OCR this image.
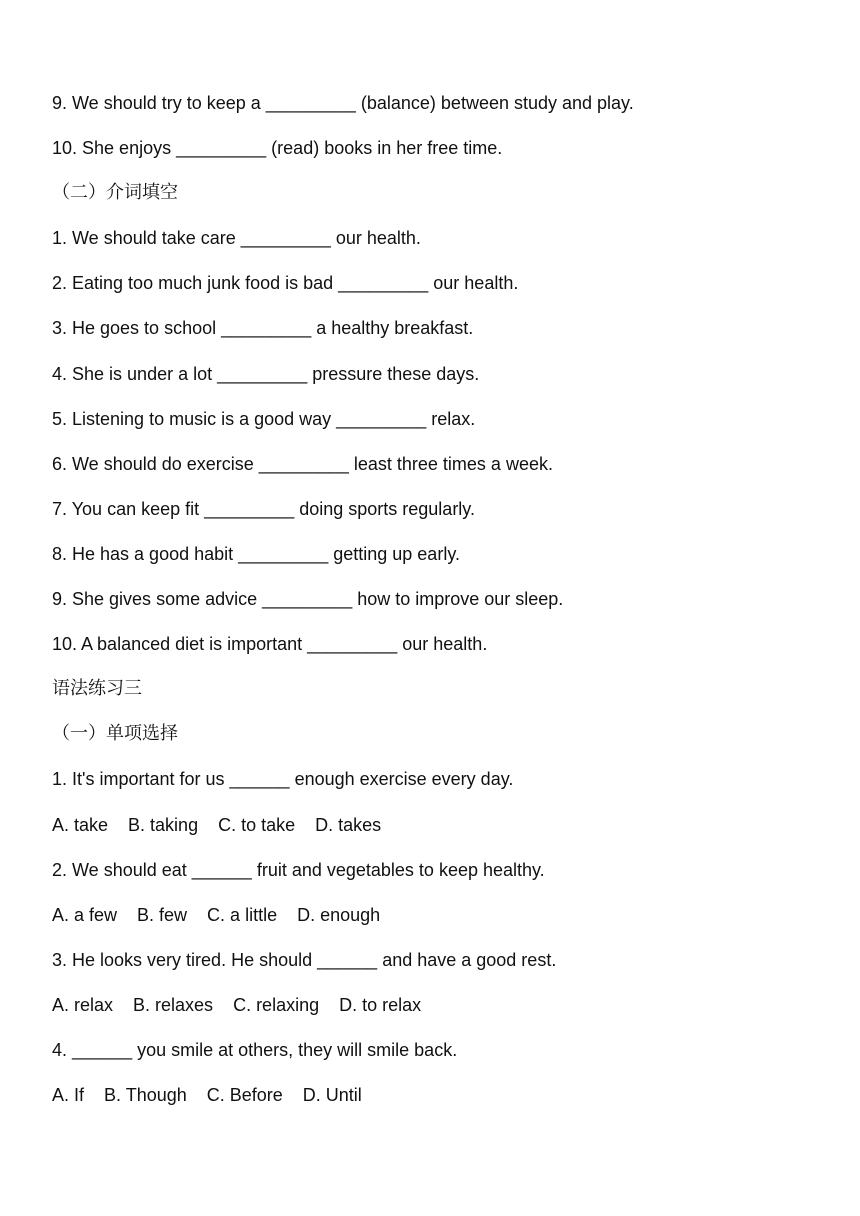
9. We should try to keep a _________ (balance) between study and play.
10. She enjoys _________ (read) books in her free time.
（二）介词填空
1. We should take care _________ our health.
2. Eating too much junk food is bad _________ our health.
3. He goes to school _________ a healthy breakfast.
4. She is under a lot _________ pressure these days.
5. Listening to music is a good way _________ relax.
6. We should do exercise _________ least three times a week.
7. You can keep fit _________ doing sports regularly.
8. He has a good habit _________ getting up early.
9. She gives some advice _________ how to improve our sleep.
10. A balanced diet is important _________ our health.
语法练习三
（一）单项选择
1. It's important for us ______ enough exercise every day.
A. take    B. taking    C. to take    D. takes
2. We should eat ______ fruit and vegetables to keep healthy.
A. a few    B. few    C. a little    D. enough
3. He looks very tired. He should ______ and have a good rest.
A. relax    B. relaxes    C. relaxing    D. to relax
4. ______ you smile at others, they will smile back.
A. If    B. Though    C. Before    D. Until
